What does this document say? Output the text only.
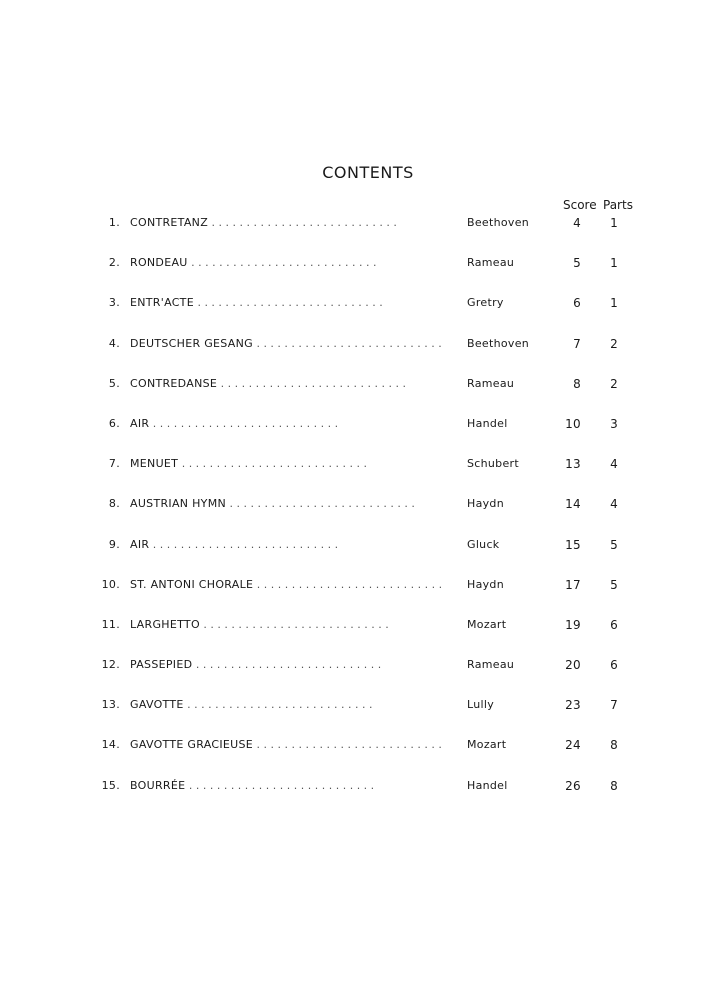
CONTENTS
Score Parts
1. CONTRETANZ . . . . . . . . . . . . . . . . . . . . . . . . . . .	Beethoven	4 1
2. RONDEAU . . . . . . . . . . . . . . . . . . . . . . . . . . .	Rameau	5 1
3. ENTR'ACTE . . . . . . . . . . . . . . . . . . . . . . . . . . .	Gretry	6 1
4. DEUTSCHER GESANG . . . . . . . . . . . . . . . . . . . . . . . . . . .	Beethoven	7 2
5. CONTREDANSE . . . . . . . . . . . . . . . . . . . . . . . . . . .	Rameau	8 2
6. AIR . . . . . . . . . . . . . . . . . . . . . . . . . . .	Handel	10 3
7. MENUET . . . . . . . . . . . . . . . . . . . . . . . . . . .	Schubert	13 4
8. AUSTRIAN HYMN . . . . . . . . . . . . . . . . . . . . . . . . . . .	Haydn	14 4
9. AIR . . . . . . . . . . . . . . . . . . . . . . . . . . .	Gluck	15 5
10. ST. ANTONI CHORALE . . . . . . . . . . . . . . . . . . . . . . . . . . .	Haydn	17 5
11. LARGHETTO . . . . . . . . . . . . . . . . . . . . . . . . . . .	Mozart	19 6
12. PASSEPIED . . . . . . . . . . . . . . . . . . . . . . . . . . .	Rameau	20 6
13. GAVOTTE . . . . . . . . . . . . . . . . . . . . . . . . . . .	Lully	23 7
14. GAVOTTE GRACIEUSE . . . . . . . . . . . . . . . . . . . . . . . . . . .	Mozart	24 8
15. BOURRÉE . . . . . . . . . . . . . . . . . . . . . . . . . . .	Handel	26 8
